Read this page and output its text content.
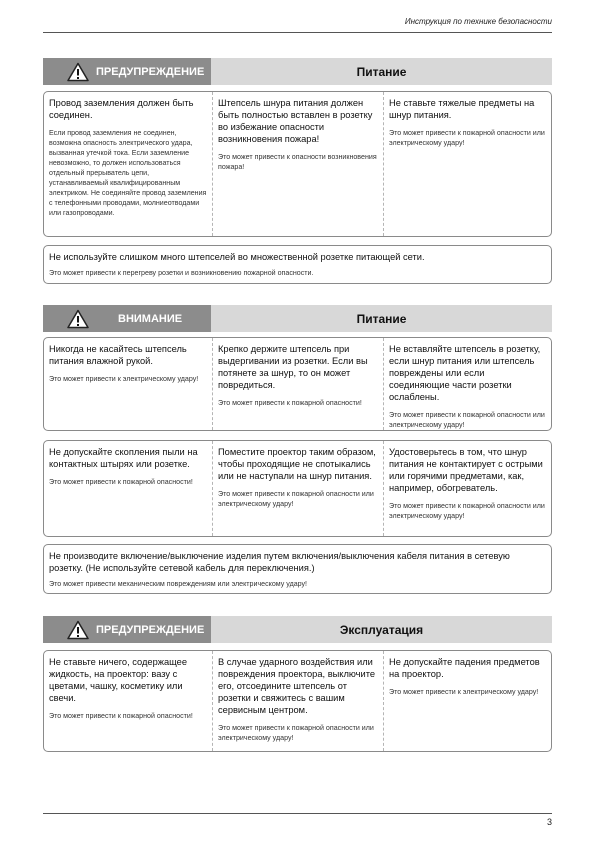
Инструкция по технике безопасности
ПРЕДУПРЕЖДЕНИЕ	Питание
Провод заземления должен быть соединен.
Если провод заземления не соединен, возможна опасность электрического удара, вызванная утечкой тока. Если заземление невозможно, то должен использоваться отдельный прерыватель цепи, устанавливаемый квалифицированным электриком. Не соединяйте провод заземления с телефонными проводами, молниеотводами или газопроводами.
Штепсель шнура питания должен быть полностью вставлен в розетку во избежание опасности возникновения пожара!
Это может привести к опасности возникновения пожара!
Не ставьте тяжелые предметы на шнур питания.
Это может привести к пожарной опасности или электрическому удару!
Не используйте слишком много штепселей во множественной розетке питающей сети.
Это может привести к перегреву розетки и возникновению пожарной опасности.
ВНИМАНИЕ	Питание
Никогда не касайтесь штепсель питания влажной рукой.
Это может привести к электрическому удару!
Крепко держите штепсель при выдергивании из розетки. Если вы потянете за шнур, то он может повредиться.
Это может привести к пожарной опасности!
Не вставляйте штепсель в розетку, если шнур питания или штепсель повреждены или если соединяющие части розетки ослаблены.
Это может привести к пожарной опасности или электрическому удару!
Не допускайте скопления пыли на контактных штырях или розетке.
Это может привести к пожарной опасности!
Поместите проектор таким образом, чтобы проходящие не спотыкались или не наступали на шнур питания.
Это может привести к пожарной опасности или электрическому удару!
Удостоверьтесь в том, что шнур питания не контактирует с острыми или горячими предметами, как, например, обогреватель.
Это может привести к пожарной опасности или электрическому удару!
Не производите включение/выключение изделия путем включения/выключения кабеля питания в сетевую розетку. (Не используйте сетевой кабель для переключения.)
Это может привести механическим повреждениям или электрическому удару!
ПРЕДУПРЕЖДЕНИЕ	Эксплуатация
Не ставьте ничего, содержащее жидкость, на проектор: вазу с цветами, чашку, косметику или свечи.
Это может привести к пожарной опасности!
В случае ударного воздействия или повреждения проектора, выключите его, отсоедините штепсель от розетки и свяжитесь с вашим сервисным центром.
Это может привести к пожарной опасности или электрическому удару!
Не допускайте падения предметов на проектор.
Это может привести к электрическому удару!
3
